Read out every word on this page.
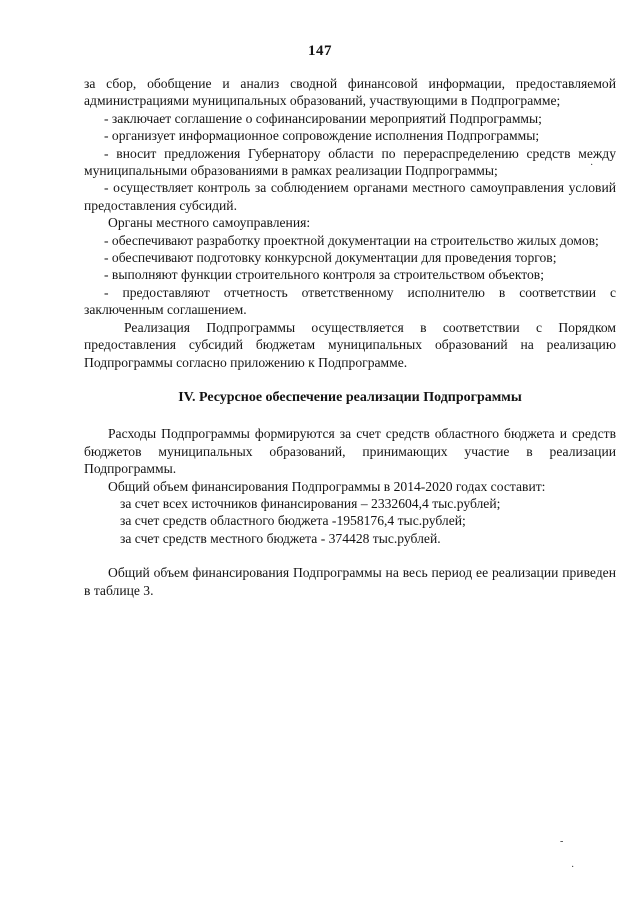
147

за сбор, обобщение и анализ сводной финансовой информации, предоставляемой администрациями муниципальных образований, участвующими в Подпрограмме;

- заключает соглашение о софинансировании мероприятий Подпрограммы;

- организует информационное сопровождение исполнения Подпрограммы;

- вносит предложения Губернатору области по перераспределению средств между муниципальными образованиями в рамках реализации Подпрограммы;

- осуществляет контроль за соблюдением органами местного самоуправления условий предоставления субсидий.

Органы местного самоуправления:

- обеспечивают разработку проектной документации на строительство жилых домов;

- обеспечивают подготовку конкурсной документации для проведения торгов;

- выполняют функции строительного контроля за строительством объектов;

- предоставляют отчетность ответственному исполнителю в соответствии с заключенным соглашением.

Реализация Подпрограммы осуществляется в соответствии с Порядком предоставления субсидий бюджетам муниципальных образований на реализацию Подпрограммы согласно приложению к Подпрограмме.

IV. Ресурсное обеспечение реализации Подпрограммы

Расходы Подпрограммы формируются за счет средств областного бюджета и средств бюджетов муниципальных образований, принимающих участие в реализации Подпрограммы.

Общий объем финансирования Подпрограммы в 2014-2020 годах составит:

за счет всех источников финансирования – 2332604,4 тыс.рублей;

за счет средств областного бюджета -1958176,4 тыс.рублей;

за счет средств местного бюджета - 374428 тыс.рублей.

Общий объем финансирования Подпрограммы на весь период ее реализации приведен в таблице 3.

·
-
·
